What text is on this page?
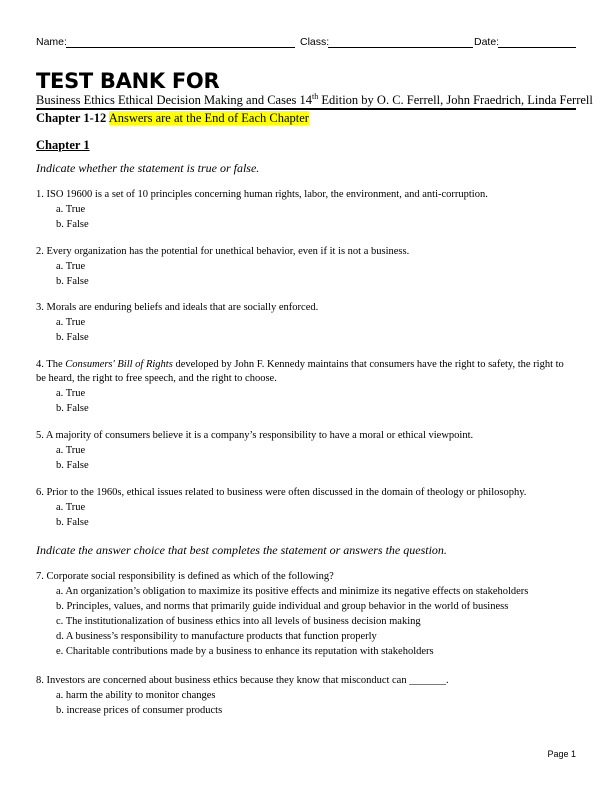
Name:	Class:	Date:
TEST BANK FOR
Business Ethics Ethical Decision Making and Cases 14th Edition by O. C. Ferrell, John Fraedrich, Linda Ferrell
Chapter 1-12 Answers are at the End of Each Chapter
Chapter 1
Indicate whether the statement is true or false.

1. ISO 19600 is a set of 10 principles concerning human rights, labor, the environment, and anti-corruption.

a. True

b. False

2. Every organization has the potential for unethical behavior, even if it is not a business.

a. True

b. False

3. Morals are enduring beliefs and ideals that are socially enforced.

a. True

b. False

4. The Consumers' Bill of Rights developed by John F. Kennedy maintains that consumers have the right to safety, the right to be heard, the right to free speech, and the right to choose.

a. True

b. False

5. A majority of consumers believe it is a company’s responsibility to have a moral or ethical viewpoint.

a. True

b. False

6. Prior to the 1960s, ethical issues related to business were often discussed in the domain of theology or philosophy.

a. True

b. False

Indicate the answer choice that best completes the statement or answers the question.

7. Corporate social responsibility is defined as which of the following?

a. An organization’s obligation to maximize its positive effects and minimize its negative effects on stakeholders

b. Principles, values, and norms that primarily guide individual and group behavior in the world of business

c. The institutionalization of business ethics into all levels of business decision making

d. A business’s responsibility to manufacture products that function properly

e. Charitable contributions made by a business to enhance its reputation with stakeholders

8. Investors are concerned about business ethics because they know that misconduct can _______.

a. harm the ability to monitor changes

b. increase prices of consumer products

Page 1
